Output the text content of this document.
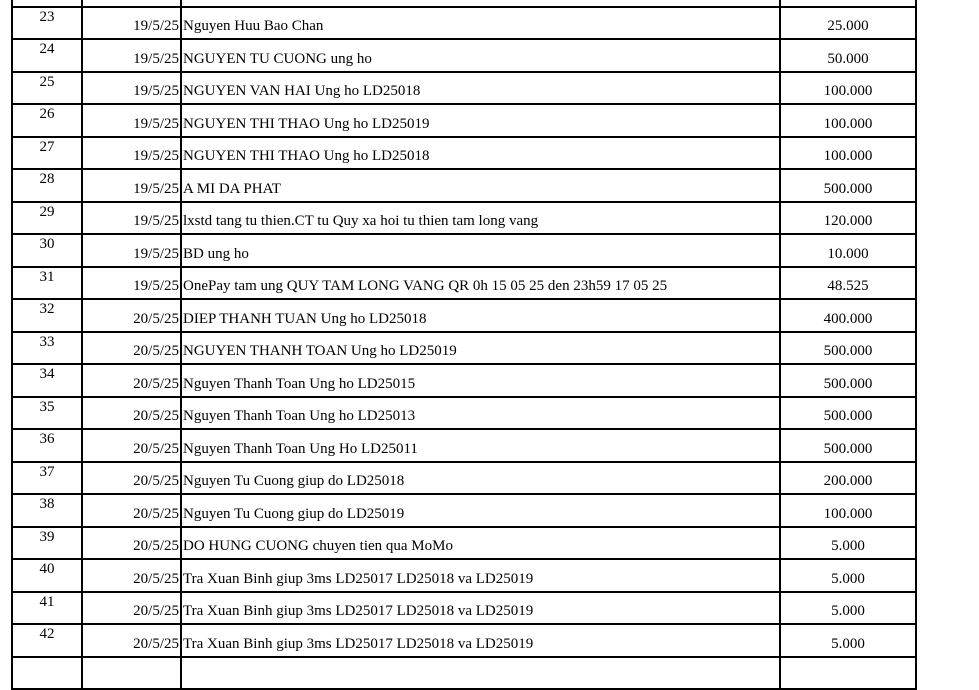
23	19/5/25	Nguyen Huu Bao Chan	25.000
24	19/5/25	NGUYEN TU CUONG ung ho	50.000
25	19/5/25	NGUYEN VAN HAI Ung ho LD25018	100.000
26	19/5/25	NGUYEN THI THAO Ung ho LD25019	100.000
27	19/5/25	NGUYEN THI THAO Ung ho LD25018	100.000
28	19/5/25	A MI DA PHAT	500.000
29	19/5/25	lxstd tang tu thien.CT tu Quy xa hoi tu thien tam long vang	120.000
30	19/5/25	BD ung ho	10.000
31	19/5/25	OnePay tam ung QUY TAM LONG VANG QR 0h 15 05 25 den 23h59 17 05 25	48.525
32	20/5/25	DIEP THANH TUAN Ung ho LD25018	400.000
33	20/5/25	NGUYEN THANH TOAN Ung ho LD25019	500.000
34	20/5/25	Nguyen Thanh Toan Ung ho LD25015	500.000
35	20/5/25	Nguyen Thanh Toan Ung ho LD25013	500.000
36	20/5/25	Nguyen Thanh Toan Ung Ho LD25011	500.000
37	20/5/25	Nguyen Tu Cuong giup do LD25018	200.000
38	20/5/25	Nguyen Tu Cuong giup do LD25019	100.000
39	20/5/25	DO HUNG CUONG chuyen tien qua MoMo	5.000
40	20/5/25	Tra Xuan Binh giup 3ms LD25017 LD25018 va LD25019	5.000
41	20/5/25	Tra Xuan Binh giup 3ms LD25017 LD25018 va LD25019	5.000
42	20/5/25	Tra Xuan Binh giup 3ms LD25017 LD25018 va LD25019	5.000
